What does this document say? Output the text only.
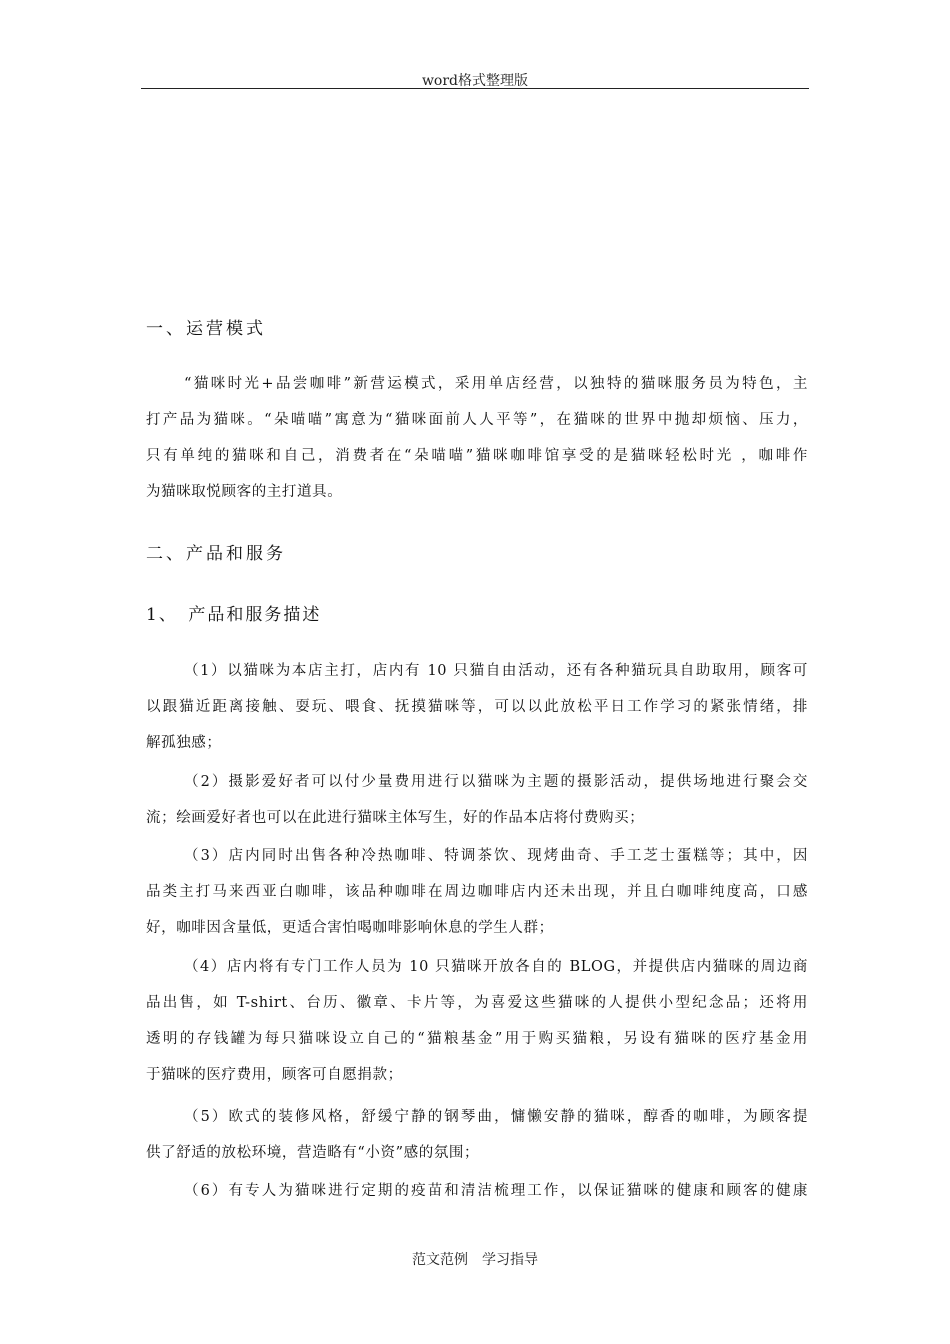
word格式整理版
一、运营模式
“猫咪时光+品尝咖啡”新营运模式，采用单店经营，以独特的猫咪服务员为特色，主
打产品为猫咪。“朵喵喵”寓意为“猫咪面前人人平等”，在猫咪的世界中抛却烦恼、压力，
只有单纯的猫咪和自己，消费者在“朵喵喵”猫咪咖啡馆享受的是猫咪轻松时光 ，咖啡作
为猫咪取悦顾客的主打道具。
二、产品和服务
1、　产品和服务描述
（1）以猫咪为本店主打，店内有 10 只猫自由活动，还有各种猫玩具自助取用，顾客可
以跟猫近距离接触、耍玩、喂食、抚摸猫咪等，可以以此放松平日工作学习的紧张情绪，排
解孤独感；
（2）摄影爱好者可以付少量费用进行以猫咪为主题的摄影活动，提供场地进行聚会交
流；绘画爱好者也可以在此进行猫咪主体写生，好的作品本店将付费购买；
（3）店内同时出售各种冷热咖啡、特调茶饮、现烤曲奇、手工芝士蛋糕等；其中，因
品类主打马来西亚白咖啡，该品种咖啡在周边咖啡店内还未出现，并且白咖啡纯度高，口感
好，咖啡因含量低，更适合害怕喝咖啡影响休息的学生人群；
（4）店内将有专门工作人员为 10 只猫咪开放各自的 BLOG，并提供店内猫咪的周边商
品出售，如 T-shirt、台历、徽章、卡片等，为喜爱这些猫咪的人提供小型纪念品；还将用
透明的存钱罐为每只猫咪设立自己的“猫粮基金”用于购买猫粮，另设有猫咪的医疗基金用
于猫咪的医疗费用，顾客可自愿捐款；
（5）欧式的装修风格，舒缓宁静的钢琴曲，慵懒安静的猫咪，醇香的咖啡，为顾客提
供了舒适的放松环境，营造略有“小资”感的氛围；
（6）有专人为猫咪进行定期的疫苗和清洁梳理工作，以保证猫咪的健康和顾客的健康
范文范例　学习指导
